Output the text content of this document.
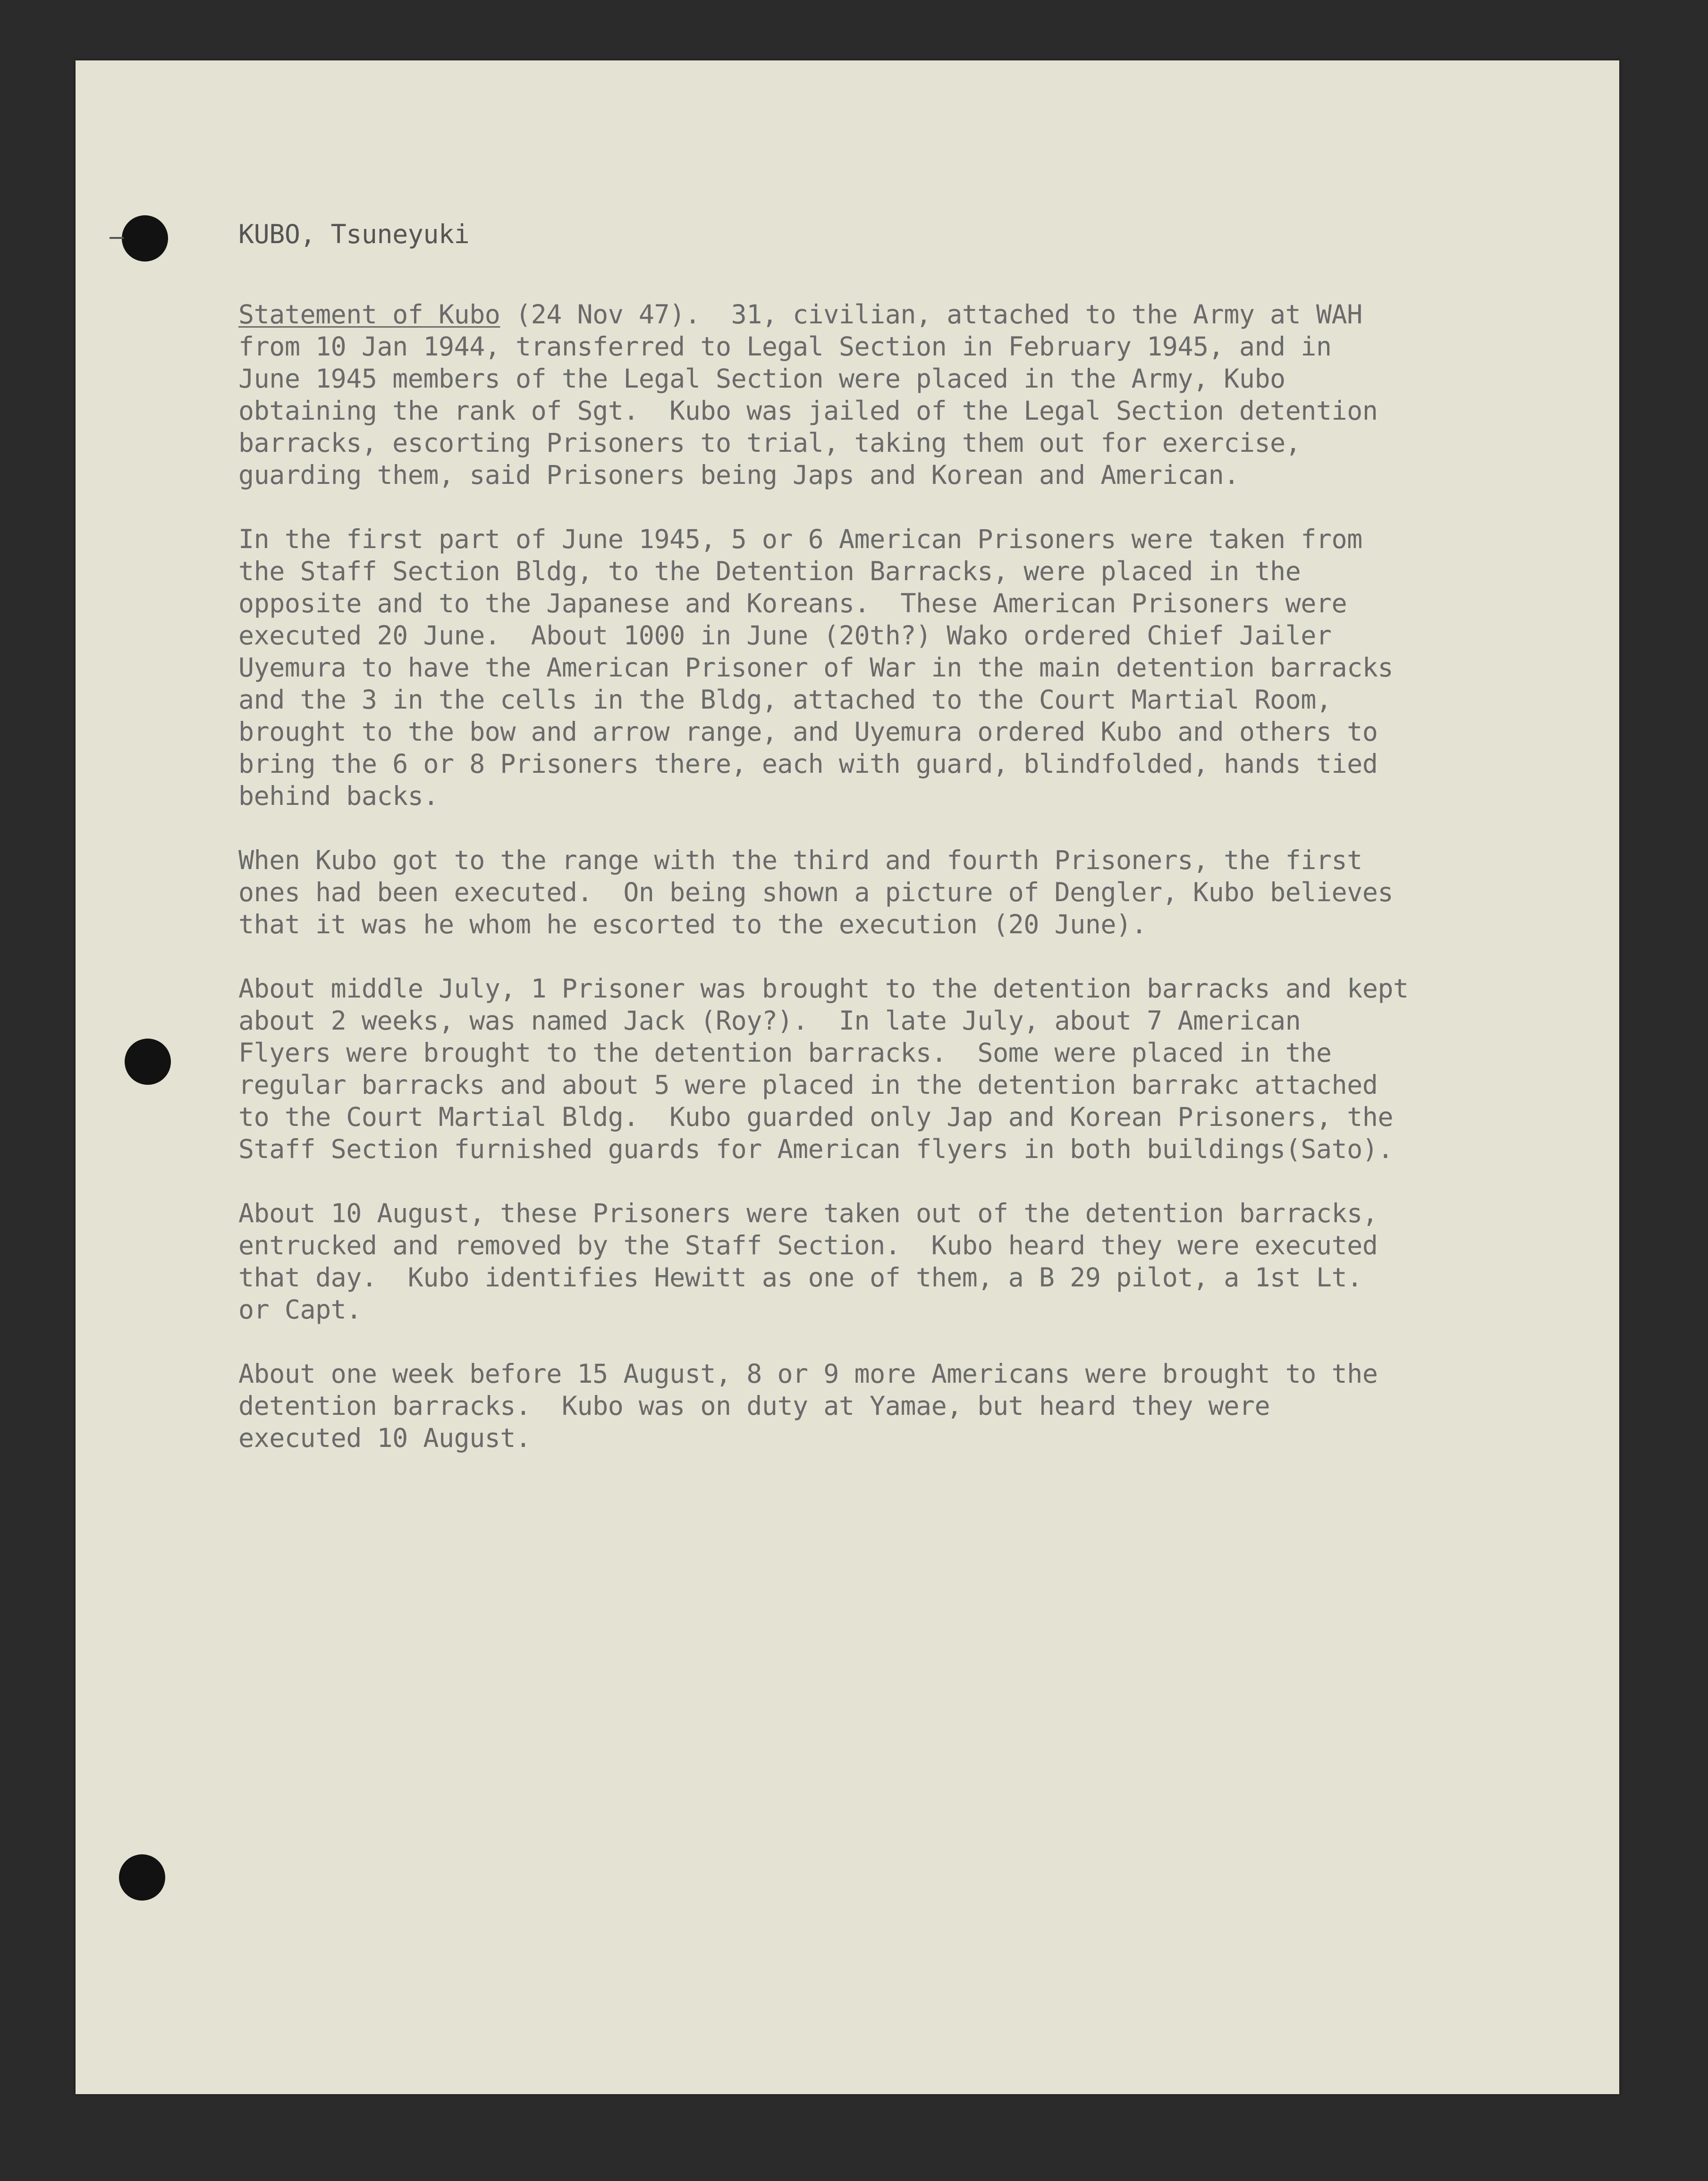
KUBO, Tsuneyuki
Statement of Kubo (24 Nov 47).  31, civilian, attached to the Army at WAH
from 10 Jan 1944, transferred to Legal Section in February 1945, and in
June 1945 members of the Legal Section were placed in the Army, Kubo
obtaining the rank of Sgt.  Kubo was jailed of the Legal Section detention
barracks, escorting Prisoners to trial, taking them out for exercise,
guarding them, said Prisoners being Japs and Korean and American.
In the first part of June 1945, 5 or 6 American Prisoners were taken from
the Staff Section Bldg, to the Detention Barracks, were placed in the
opposite and to the Japanese and Koreans.  These American Prisoners were
executed 20 June.  About 1000 in June (20th?) Wako ordered Chief Jailer
Uyemura to have the American Prisoner of War in the main detention barracks
and the 3 in the cells in the Bldg, attached to the Court Martial Room,
brought to the bow and arrow range, and Uyemura ordered Kubo and others to
bring the 6 or 8 Prisoners there, each with guard, blindfolded, hands tied
behind backs.
When Kubo got to the range with the third and fourth Prisoners, the first
ones had been executed.  On being shown a picture of Dengler, Kubo believes
that it was he whom he escorted to the execution (20 June).
About middle July, 1 Prisoner was brought to the detention barracks and kept
about 2 weeks, was named Jack (Roy?).  In late July, about 7 American
Flyers were brought to the detention barracks.  Some were placed in the
regular barracks and about 5 were placed in the detention barrakc attached
to the Court Martial Bldg.  Kubo guarded only Jap and Korean Prisoners, the
Staff Section furnished guards for American flyers in both buildings(Sato).
About 10 August, these Prisoners were taken out of the detention barracks,
entrucked and removed by the Staff Section.  Kubo heard they were executed
that day.  Kubo identifies Hewitt as one of them, a B 29 pilot, a 1st Lt.
or Capt.
About one week before 15 August, 8 or 9 more Americans were brought to the
detention barracks.  Kubo was on duty at Yamae, but heard they were
executed 10 August.
